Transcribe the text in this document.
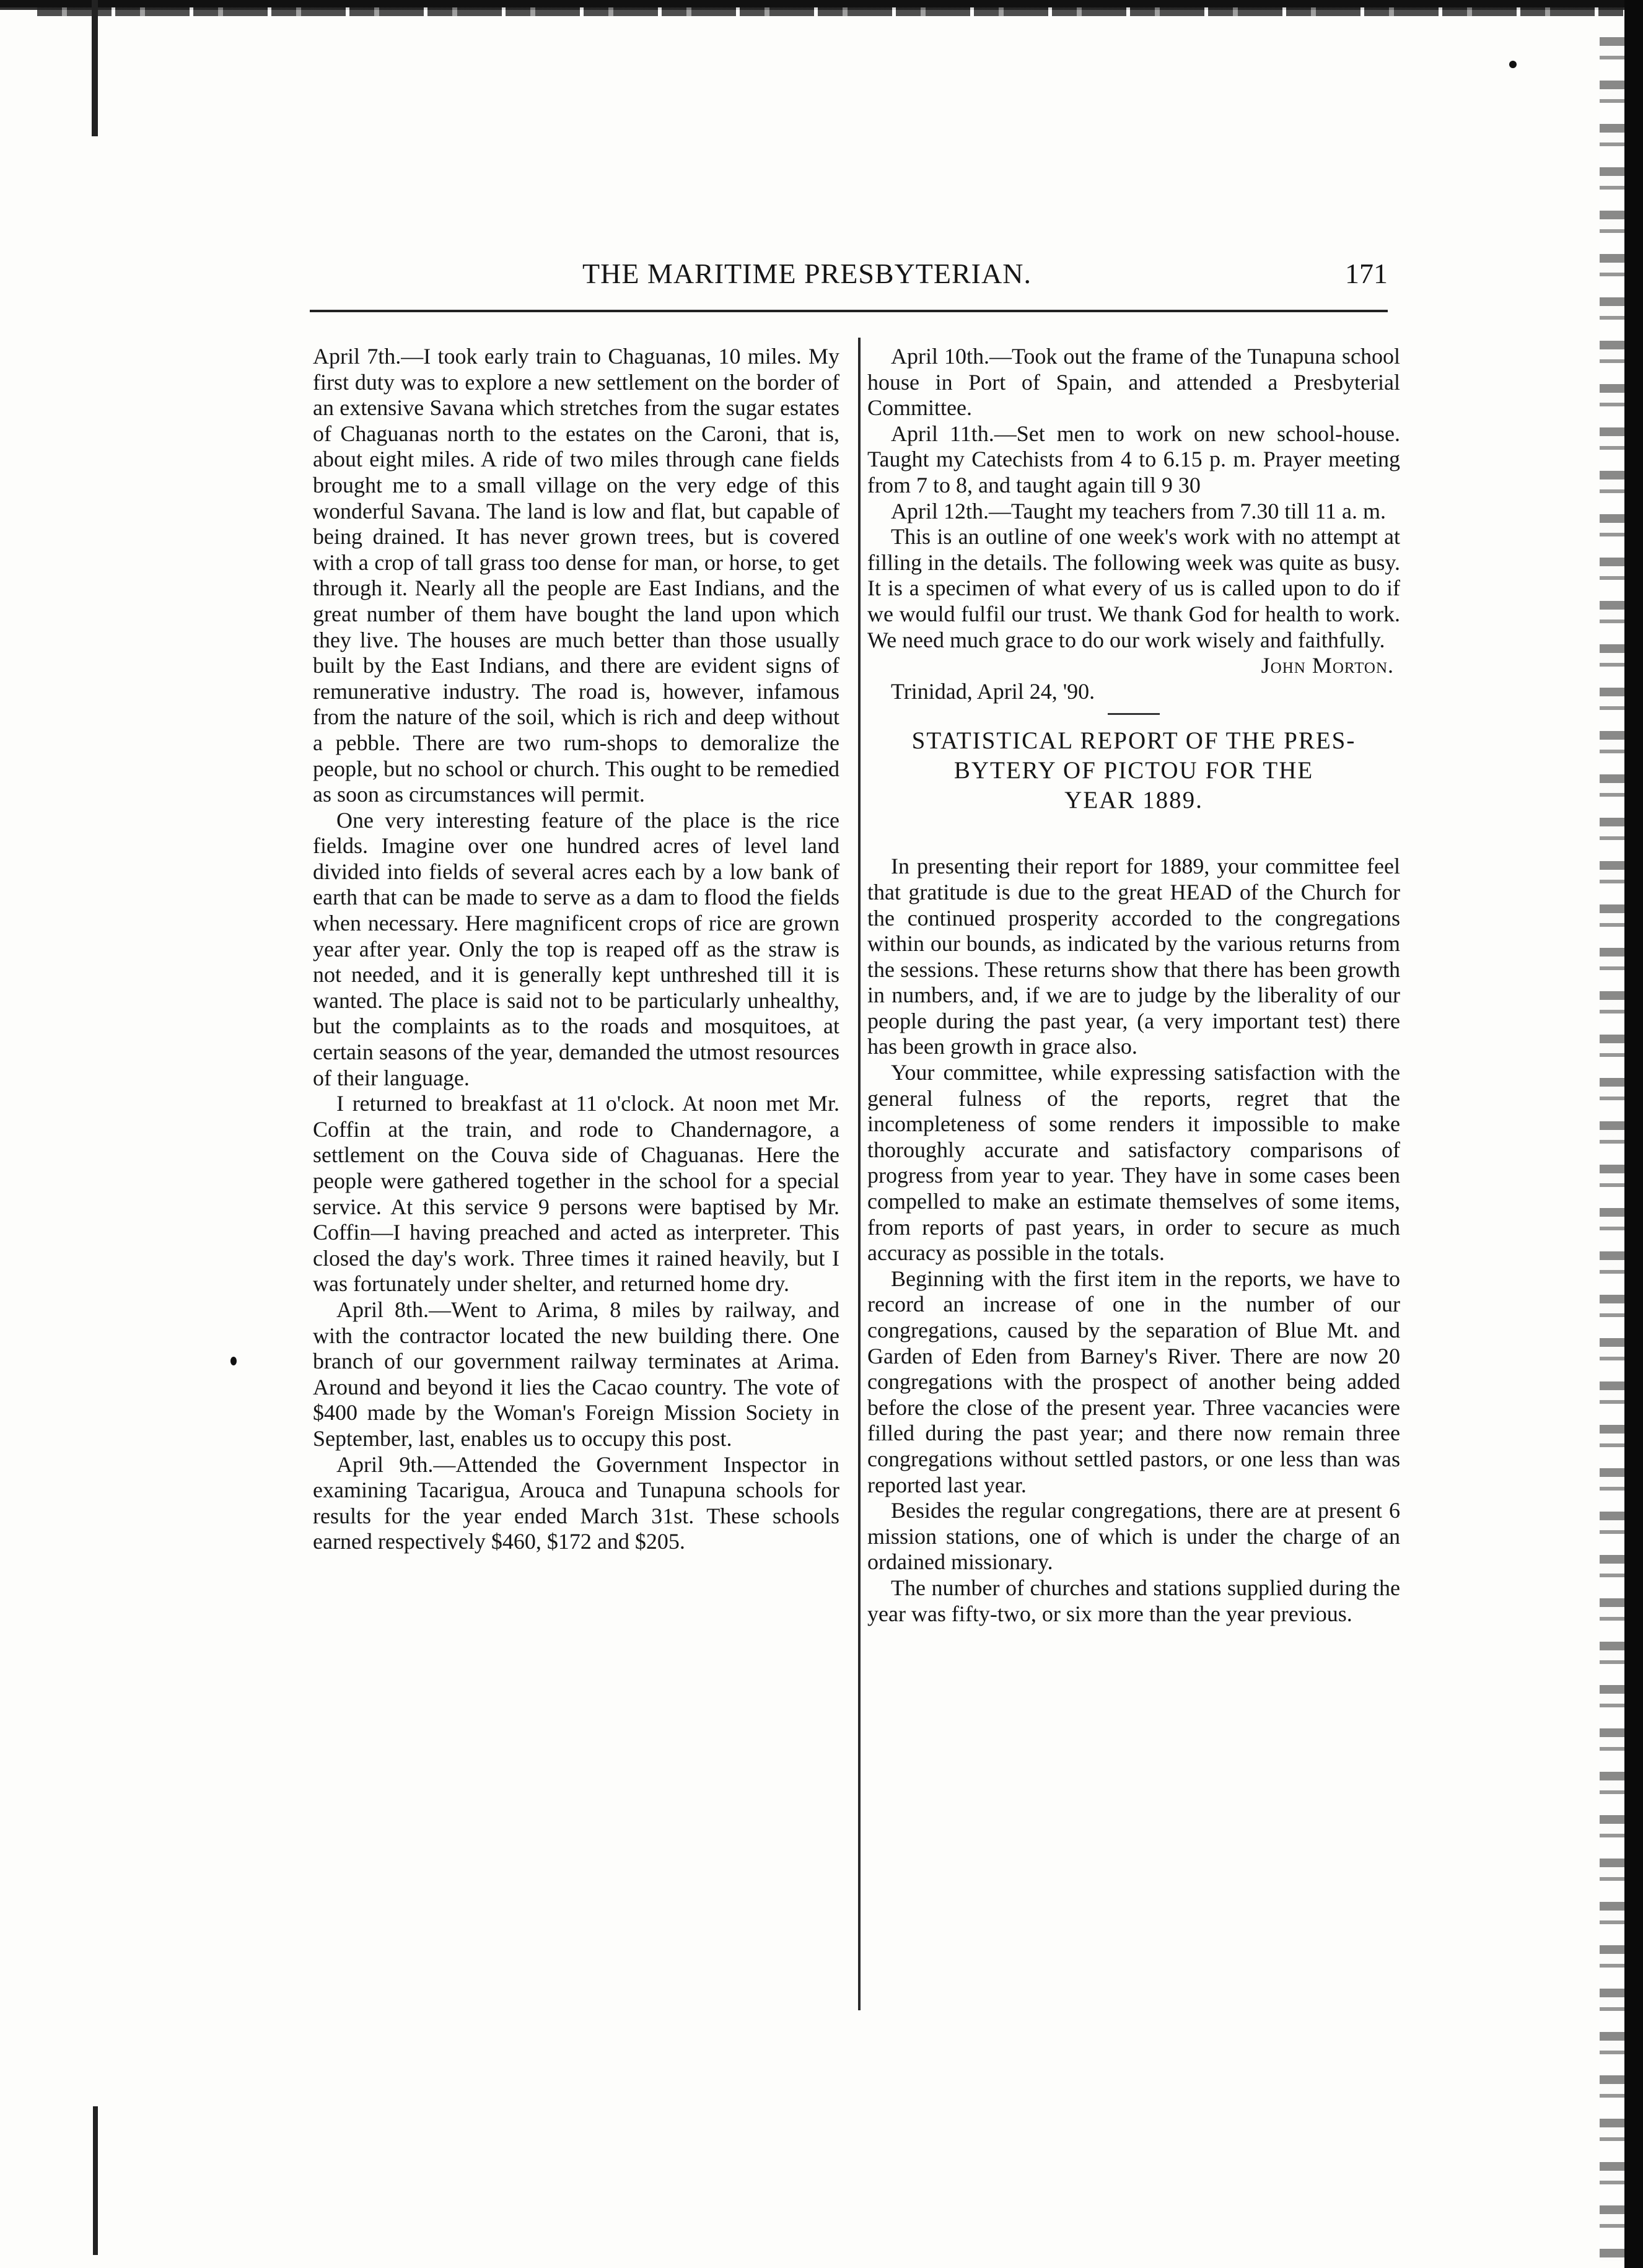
THE MARITIME PRESBYTERIAN.	171

April 7th.—I took early train to Chaguanas, 10 miles. My first duty was to explore a new settlement on the border of an extensive Savana which stretches from the sugar estates of Chaguanas north to the estates on the Caroni, that is, about eight miles. A ride of two miles through cane fields brought me to a small village on the very edge of this wonderful Savana. The land is low and flat, but capable of being drained. It has never grown trees, but is covered with a crop of tall grass too dense for man, or horse, to get through it. Nearly all the people are East Indians, and the great number of them have bought the land upon which they live. The houses are much better than those usually built by the East Indians, and there are evident signs of remunerative industry. The road is, however, infamous from the nature of the soil, which is rich and deep without a pebble. There are two rum-shops to demoralize the people, but no school or church. This ought to be remedied as soon as circumstances will permit.

One very interesting feature of the place is the rice fields. Imagine over one hundred acres of level land divided into fields of several acres each by a low bank of earth that can be made to serve as a dam to flood the fields when necessary. Here magnificent crops of rice are grown year after year. Only the top is reaped off as the straw is not needed, and it is generally kept unthreshed till it is wanted. The place is said not to be particularly unhealthy, but the complaints as to the roads and mosquitoes, at certain seasons of the year, demanded the utmost resources of their language.

I returned to breakfast at 11 o'clock. At noon met Mr. Coffin at the train, and rode to Chandernagore, a settlement on the Couva side of Chaguanas. Here the people were gathered together in the school for a special service. At this service 9 persons were baptised by Mr. Coffin—I having preached and acted as interpreter. This closed the day's work. Three times it rained heavily, but I was fortunately under shelter, and returned home dry.

April 8th.—Went to Arima, 8 miles by railway, and with the contractor located the new building there. One branch of our government railway terminates at Arima. Around and beyond it lies the Cacao country. The vote of $400 made by the Woman's Foreign Mission Society in September, last, enables us to occupy this post.

April 9th.—Attended the Government Inspector in examining Tacarigua, Arouca and Tunapuna schools for results for the year ended March 31st. These schools earned respectively $460, $172 and $205.

April 10th.—Took out the frame of the Tunapuna school house in Port of Spain, and attended a Presbyterial Committee.

April 11th.—Set men to work on new school-house. Taught my Catechists from 4 to 6.15 p. m. Prayer meeting from 7 to 8, and taught again till 9 30

April 12th.—Taught my teachers from 7.30 till 11 a. m.

This is an outline of one week's work with no attempt at filling in the details. The following week was quite as busy. It is a specimen of what every of us is called upon to do if we would fulfil our trust. We thank God for health to work. We need much grace to do our work wisely and faithfully.

John Morton.

Trinidad, April 24, '90.

STATISTICAL REPORT OF THE PRES-
BYTERY OF PICTOU FOR THE
YEAR 1889.

In presenting their report for 1889, your committee feel that gratitude is due to the great HEAD of the Church for the continued prosperity accorded to the congregations within our bounds, as indicated by the various returns from the sessions. These returns show that there has been growth in numbers, and, if we are to judge by the liberality of our people during the past year, (a very important test) there has been growth in grace also.

Your committee, while expressing satisfaction with the general fulness of the reports, regret that the incompleteness of some renders it impossible to make thoroughly accurate and satisfactory comparisons of progress from year to year. They have in some cases been compelled to make an estimate themselves of some items, from reports of past years, in order to secure as much accuracy as possible in the totals.

Beginning with the first item in the reports, we have to record an increase of one in the number of our congregations, caused by the separation of Blue Mt. and Garden of Eden from Barney's River. There are now 20 congregations with the prospect of another being added before the close of the present year. Three vacancies were filled during the past year; and there now remain three congregations without settled pastors, or one less than was reported last year.

Besides the regular congregations, there are at present 6 mission stations, one of which is under the charge of an ordained missionary.

The number of churches and stations supplied during the year was fifty-two, or six more than the year previous.
